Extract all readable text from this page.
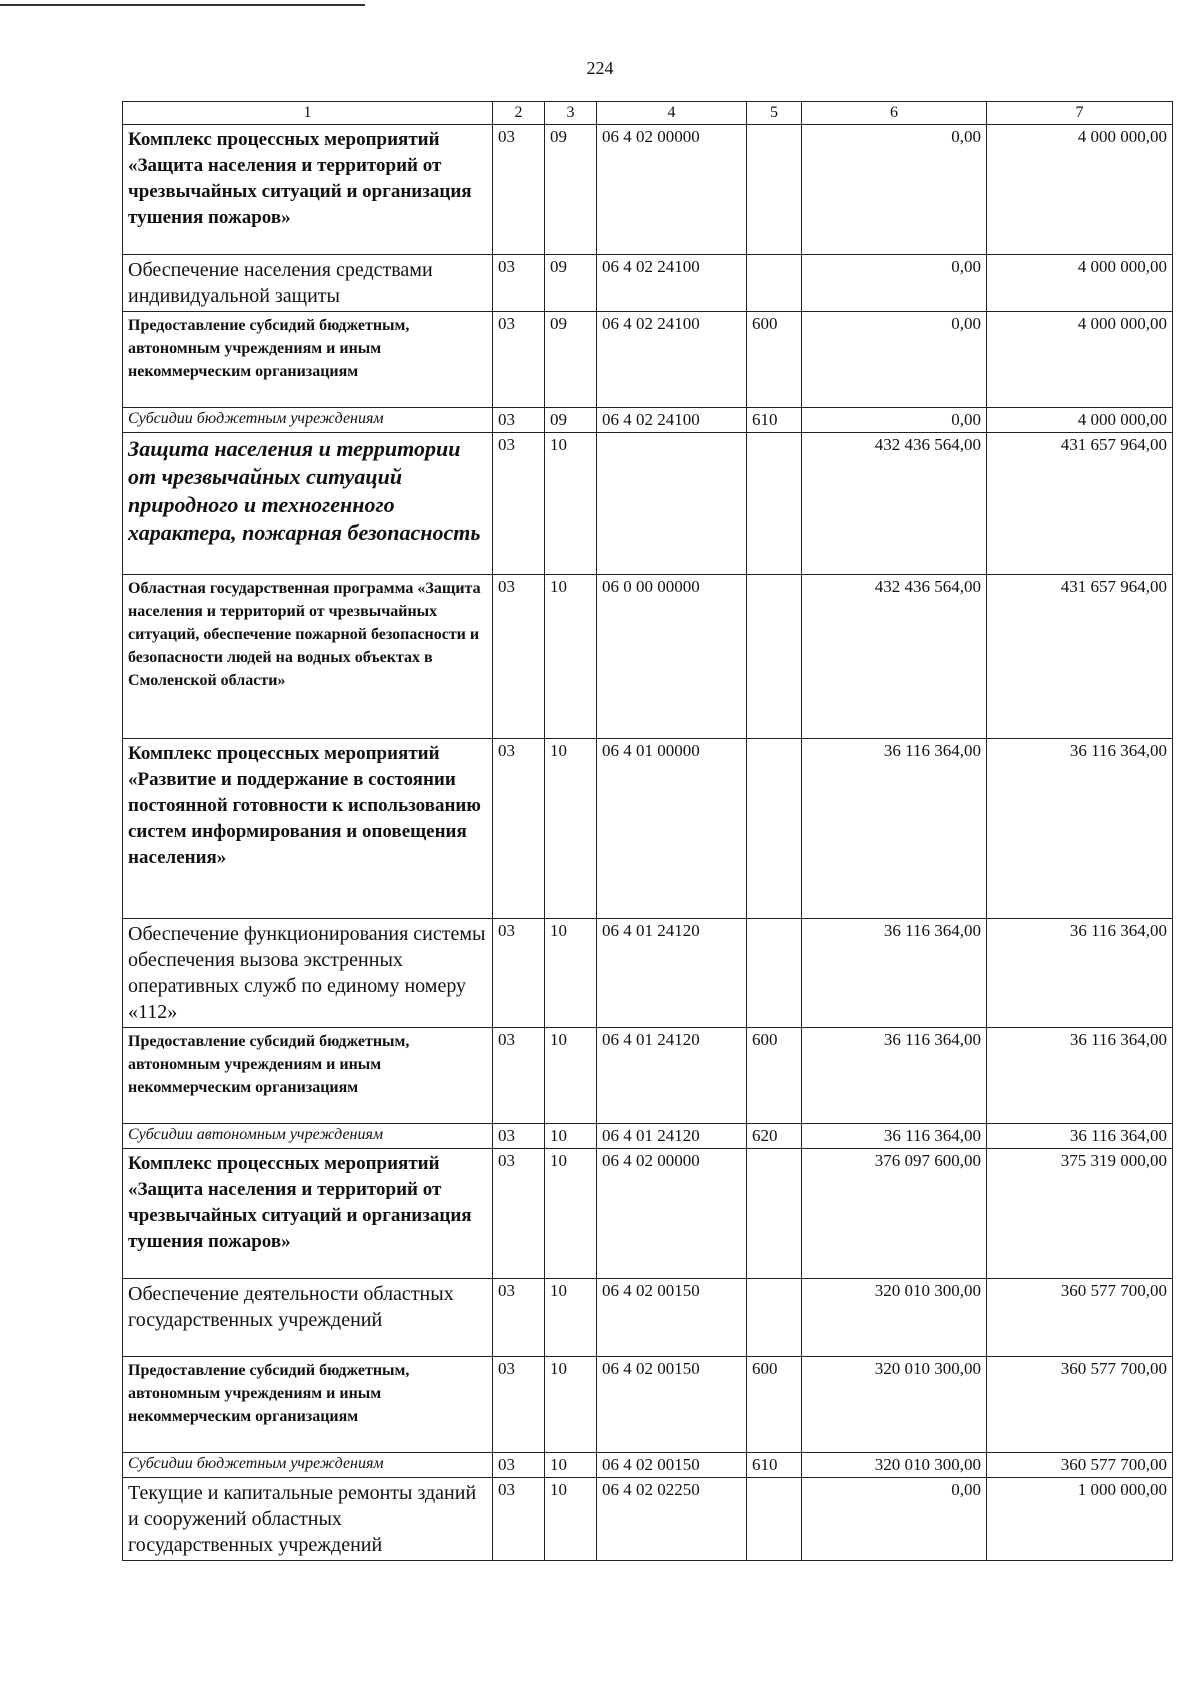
224
1	2	3	4	5	6	7
Комплекс процессных мероприятий «Защита населения и территорий от чрезвычайных ситуаций и организация тушения пожаров»	03	09	06 4 02 00000		0,00	4 000 000,00
Обеспечение населения средствами индивидуальной защиты	03	09	06 4 02 24100		0,00	4 000 000,00
Предоставление субсидий бюджетным, автономным учреждениям и иным некоммерческим организациям	03	09	06 4 02 24100	600	0,00	4 000 000,00
Субсидии бюджетным учреждениям	03	09	06 4 02 24100	610	0,00	4 000 000,00
Защита населения и территории от чрезвычайных ситуаций природного и техногенного характера, пожарная безопасность	03	10			432 436 564,00	431 657 964,00
Областная государственная программа «Защита населения и территорий от чрезвычайных ситуаций, обеспечение пожарной безопасности и безопасности людей на водных объектах в Смоленской области»	03	10	06 0 00 00000		432 436 564,00	431 657 964,00
Комплекс процессных мероприятий «Развитие и поддержание в состоянии постоянной готовности к использованию систем информирования и оповещения населения»	03	10	06 4 01 00000		36 116 364,00	36 116 364,00
Обеспечение функционирования системы обеспечения вызова экстренных оперативных служб по единому номеру «112»	03	10	06 4 01 24120		36 116 364,00	36 116 364,00
Предоставление субсидий бюджетным, автономным учреждениям и иным некоммерческим организациям	03	10	06 4 01 24120	600	36 116 364,00	36 116 364,00
Субсидии автономным учреждениям	03	10	06 4 01 24120	620	36 116 364,00	36 116 364,00
Комплекс процессных мероприятий «Защита населения и территорий от чрезвычайных ситуаций и организация тушения пожаров»	03	10	06 4 02 00000		376 097 600,00	375 319 000,00
Обеспечение деятельности областных государственных учреждений	03	10	06 4 02 00150		320 010 300,00	360 577 700,00
Предоставление субсидий бюджетным, автономным учреждениям и иным некоммерческим организациям	03	10	06 4 02 00150	600	320 010 300,00	360 577 700,00
Субсидии бюджетным учреждениям	03	10	06 4 02 00150	610	320 010 300,00	360 577 700,00
Текущие и капитальные ремонты зданий и сооружений областных государственных учреждений	03	10	06 4 02 02250		0,00	1 000 000,00
